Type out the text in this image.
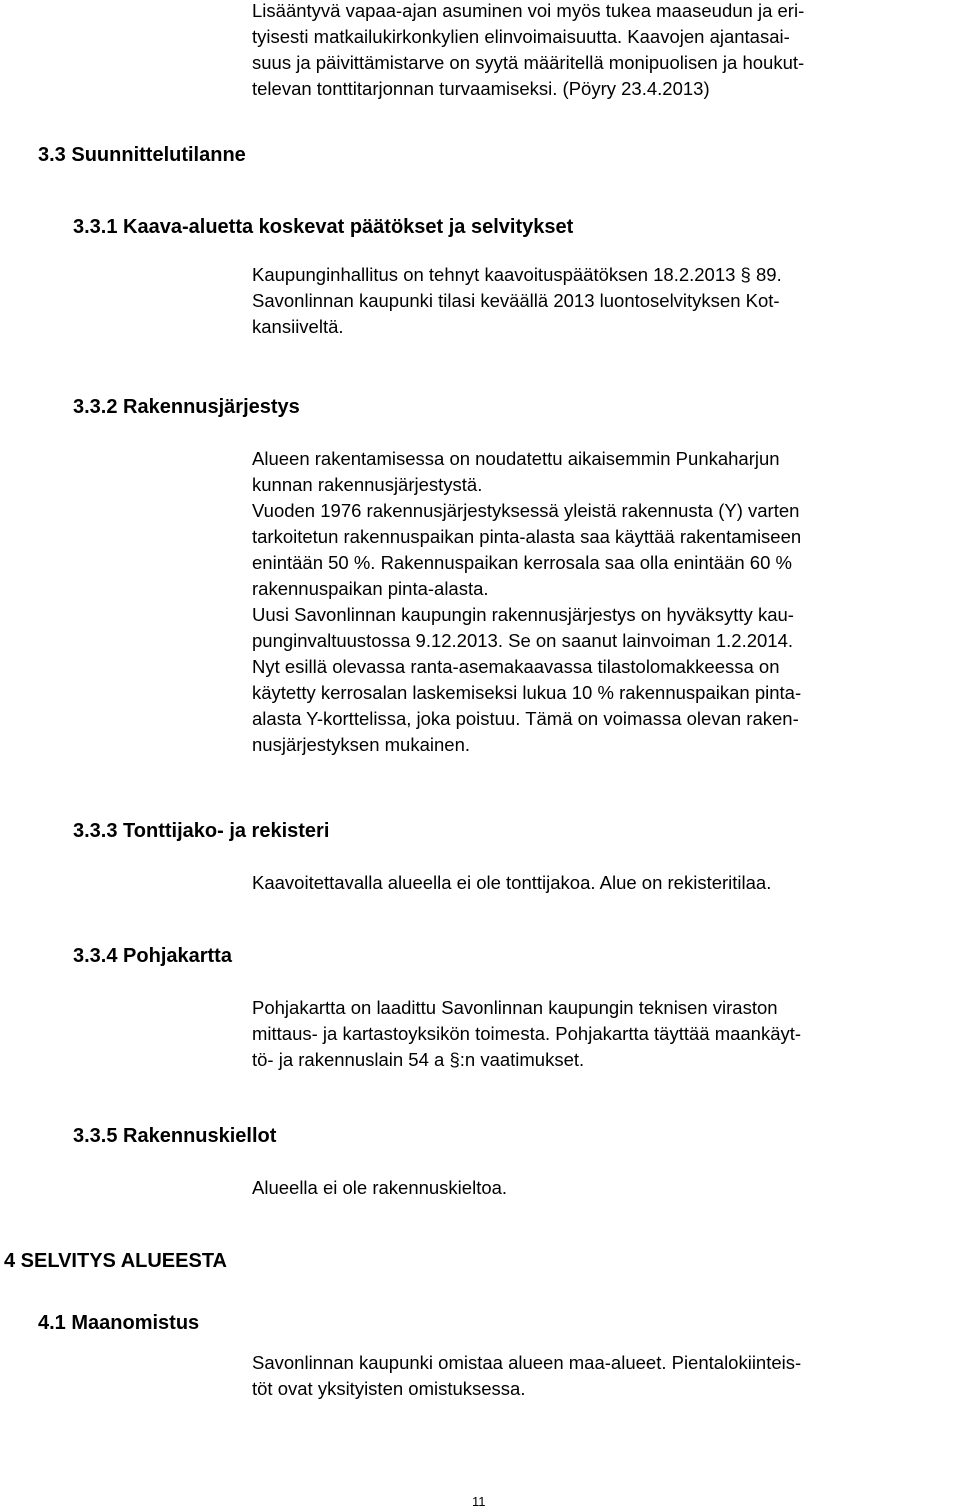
Lisääntyvä vapaa-ajan asuminen voi myös tukea maaseudun ja eri-
tyisesti matkailukirkonkylien elinvoimaisuutta. Kaavojen ajantasai-
suus ja päivittämistarve on syytä määritellä monipuolisen ja houkut-
televan tonttitarjonnan turvaamiseksi. (Pöyry 23.4.2013)
3.3 Suunnittelutilanne
3.3.1 Kaava-aluetta koskevat päätökset ja selvitykset
Kaupunginhallitus on tehnyt kaavoituspäätöksen 18.2.2013 § 89.
Savonlinnan kaupunki tilasi keväällä 2013 luontoselvityksen Kot-
kansiiveltä.
3.3.2 Rakennusjärjestys
Alueen rakentamisessa on noudatettu aikaisemmin Punkaharjun
kunnan rakennusjärjestystä.
Vuoden 1976 rakennusjärjestyksessä yleistä rakennusta (Y) varten
tarkoitetun rakennuspaikan pinta-alasta saa käyttää rakentamiseen
enintään 50 %. Rakennuspaikan kerrosala saa olla enintään 60 %
rakennuspaikan pinta-alasta.
Uusi Savonlinnan kaupungin rakennusjärjestys on hyväksytty kau-
punginvaltuustossa 9.12.2013. Se on saanut lainvoiman 1.2.2014.
Nyt esillä olevassa ranta-asemakaavassa tilastolomakkeessa on
käytetty kerrosalan laskemiseksi lukua 10 % rakennuspaikan pinta-
alasta Y-korttelissa, joka poistuu. Tämä on voimassa olevan raken-
nusjärjestyksen mukainen.
3.3.3 Tonttijako- ja rekisteri
Kaavoitettavalla alueella ei ole tonttijakoa. Alue on rekisteritilaa.
3.3.4 Pohjakartta
Pohjakartta on laadittu Savonlinnan kaupungin teknisen viraston
mittaus- ja kartastoyksikön toimesta. Pohjakartta täyttää maankäyt-
tö- ja rakennuslain 54 a §:n vaatimukset.
3.3.5 Rakennuskiellot
Alueella ei ole rakennuskieltoa.
4 SELVITYS ALUEESTA
4.1 Maanomistus
Savonlinnan kaupunki omistaa alueen maa-alueet. Pientalokiinteis-
töt ovat yksityisten omistuksessa.
11
